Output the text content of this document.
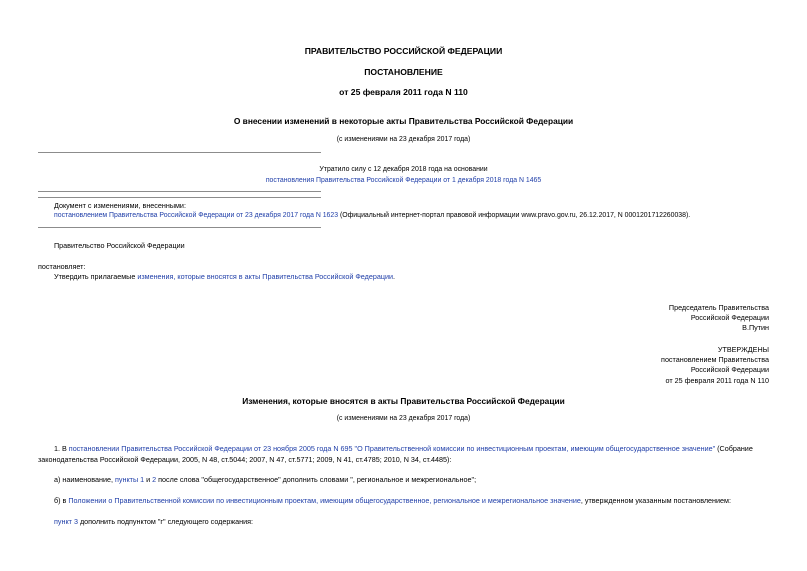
ПРАВИТЕЛЬСТВО РОССИЙСКОЙ ФЕДЕРАЦИИ
ПОСТАНОВЛЕНИЕ
от 25 февраля 2011 года N 110
О внесении изменений в некоторые акты Правительства Российской Федерации
(с изменениями на 23 декабря 2017 года)
Утратило силу с 12 декабря 2018 года на основании
постановления Правительства Российской Федерации от 1 декабря 2018 года N 1465
Документ с изменениями, внесенными:
постановлением Правительства Российской Федерации от 23 декабря 2017 года N 1623 (Официальный интернет-портал правовой информации www.pravo.gov.ru, 26.12.2017, N 0001201712260038).
Правительство Российской Федерации
постановляет:
Утвердить прилагаемые изменения, которые вносятся в акты Правительства Российской Федерации.
Председатель Правительства
Российской Федерации
В.Путин
УТВЕРЖДЕНЫ
постановлением Правительства
Российской Федерации
от 25 февраля 2011 года N 110
Изменения, которые вносятся в акты Правительства Российской Федерации
(с изменениями на 23 декабря 2017 года)
1. В постановлении Правительства Российской Федерации от 23 ноября 2005 года N 695 "О Правительственной комиссии по инвестиционным проектам, имеющим общегосударственное значение" (Собрание законодательства Российской Федерации, 2005, N 48, ст.5044; 2007, N 47, ст.5771; 2009, N 41, ст.4785; 2010, N 34, ст.4485):
а) наименование, пункты 1 и 2 после слова "общегосударственное" дополнить словами ", региональное и межрегиональное";
б) в Положении о Правительственной комиссии по инвестиционным проектам, имеющим общегосударственное, региональное и межрегиональное значение, утвержденном указанным постановлением:
пункт 3 дополнить подпунктом "г" следующего содержания:
